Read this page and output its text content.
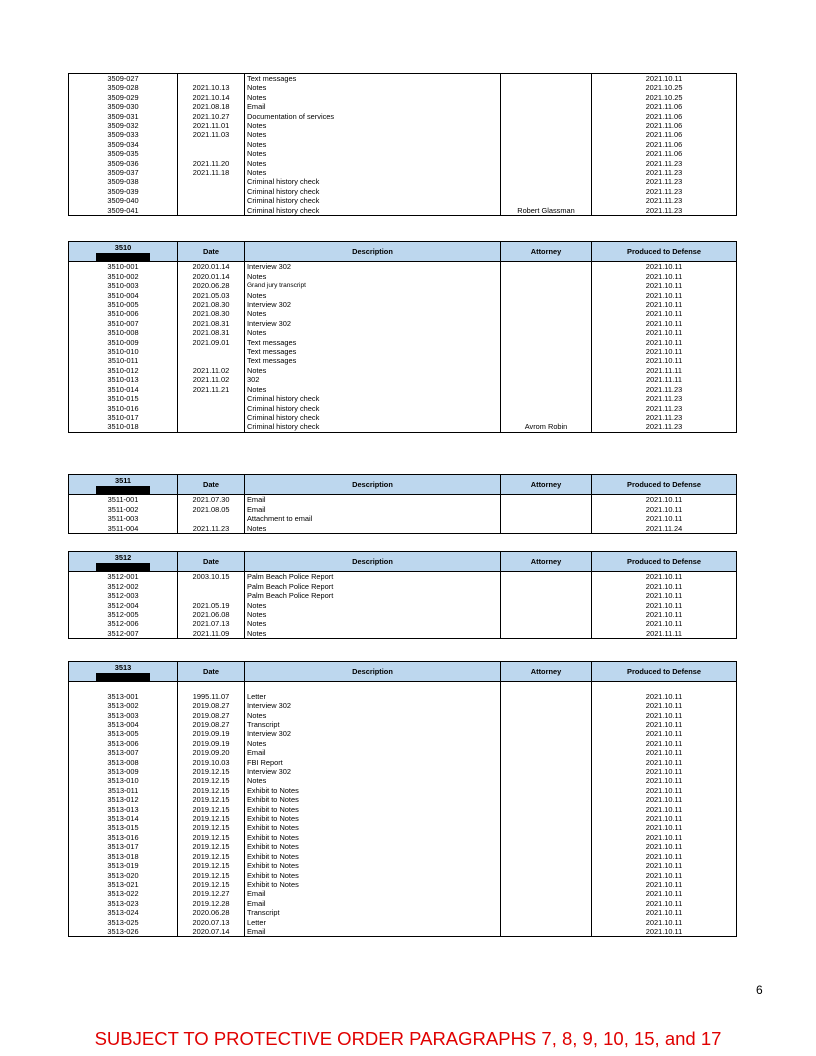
3509-027		Text messages		2021.10.11
3509-028	2021.10.13	Notes		2021.10.25
3509-029	2021.10.14	Notes		2021.10.25
3509-030	2021.08.18	Email		2021.11.06
3509-031	2021.10.27	Documentation of services		2021.11.06
3509-032	2021.11.01	Notes		2021.11.06
3509-033	2021.11.03	Notes		2021.11.06
3509-034		Notes		2021.11.06
3509-035		Notes		2021.11.06
3509-036	2021.11.20	Notes		2021.11.23
3509-037	2021.11.18	Notes		2021.11.23
3509-038		Criminal history check		2021.11.23
3509-039		Criminal history check		2021.11.23
3509-040		Criminal history check		2021.11.23
3509-041		Criminal history check	Robert Glassman	2021.11.23
3510	Date	Description	Attorney	Produced to Defense
3510-001	2020.01.14	Interview 302		2021.10.11
3510-002	2020.01.14	Notes		2021.10.11
3510-003	2020.06.28	Grand jury transcript		2021.10.11
3510-004	2021.05.03	Notes		2021.10.11
3510-005	2021.08.30	Interview 302		2021.10.11
3510-006	2021.08.30	Notes		2021.10.11
3510-007	2021.08.31	Interview 302		2021.10.11
3510-008	2021.08.31	Notes		2021.10.11
3510-009	2021.09.01	Text messages		2021.10.11
3510-010		Text messages		2021.10.11
3510-011		Text messages		2021.10.11
3510-012	2021.11.02	Notes		2021.11.11
3510-013	2021.11.02	302		2021.11.11
3510-014	2021.11.21	Notes		2021.11.23
3510-015		Criminal history check		2021.11.23
3510-016		Criminal history check		2021.11.23
3510-017		Criminal history check		2021.11.23
3510-018		Criminal history check	Avrom Robin	2021.11.23
3511	Date	Description	Attorney	Produced to Defense
3511-001	2021.07.30	Email		2021.10.11
3511-002	2021.08.05	Email		2021.10.11
3511-003		Attachment to email		2021.10.11
3511-004	2021.11.23	Notes		2021.11.24
3512	Date	Description	Attorney	Produced to Defense
3512-001	2003.10.15	Palm Beach Police Report		2021.10.11
3512-002		Palm Beach Police Report		2021.10.11
3512-003		Palm Beach Police Report		2021.10.11
3512-004	2021.05.19	Notes		2021.10.11
3512-005	2021.06.08	Notes		2021.10.11
3512-006	2021.07.13	Notes		2021.10.11
3512-007	2021.11.09	Notes		2021.11.11
3513	Date	Description	Attorney	Produced to Defense

3513-001	1995.11.07	Letter		2021.10.11
3513-002	2019.08.27	Interview 302		2021.10.11
3513-003	2019.08.27	Notes		2021.10.11
3513-004	2019.08.27	Transcript		2021.10.11
3513-005	2019.09.19	Interview 302		2021.10.11
3513-006	2019.09.19	Notes		2021.10.11
3513-007	2019.09.20	Email		2021.10.11
3513-008	2019.10.03	FBI Report		2021.10.11
3513-009	2019.12.15	Interview 302		2021.10.11
3513-010	2019.12.15	Notes		2021.10.11
3513-011	2019.12.15	Exhibit to Notes		2021.10.11
3513-012	2019.12.15	Exhibit to Notes		2021.10.11
3513-013	2019.12.15	Exhibit to Notes		2021.10.11
3513-014	2019.12.15	Exhibit to Notes		2021.10.11
3513-015	2019.12.15	Exhibit to Notes		2021.10.11
3513-016	2019.12.15	Exhibit to Notes		2021.10.11
3513-017	2019.12.15	Exhibit to Notes		2021.10.11
3513-018	2019.12.15	Exhibit to Notes		2021.10.11
3513-019	2019.12.15	Exhibit to Notes		2021.10.11
3513-020	2019.12.15	Exhibit to Notes		2021.10.11
3513-021	2019.12.15	Exhibit to Notes		2021.10.11
3513-022	2019.12.27	Email		2021.10.11
3513-023	2019.12.28	Email		2021.10.11
3513-024	2020.06.28	Transcript		2021.10.11
3513-025	2020.07.13	Letter		2021.10.11
3513-026	2020.07.14	Email		2021.10.11
6
SUBJECT TO PROTECTIVE ORDER PARAGRAPHS 7, 8, 9, 10, 15, and 17
